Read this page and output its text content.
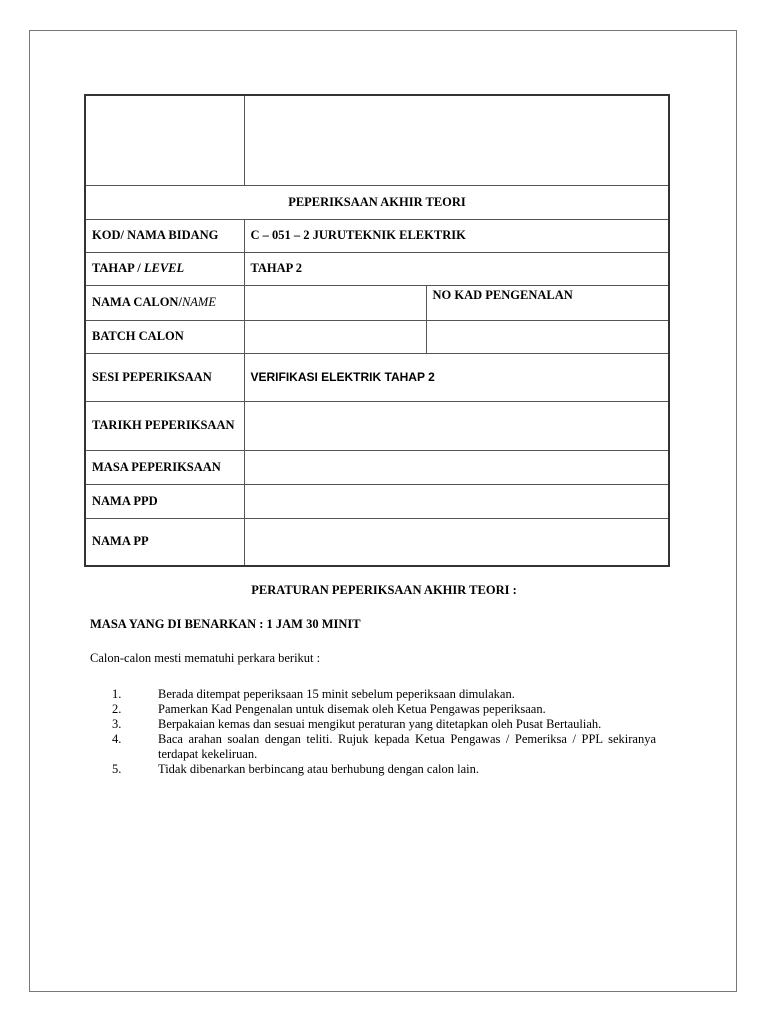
PEPERIKSAAN AKHIR TEORI		
KOD/ NAMA BIDANG	C – 051 – 2 JURUTEKNIK ELEKTRIK	
TAHAP / LEVEL	TAHAP 2	
NAMA CALON/NAME		NO KAD PENGENALAN
BATCH CALON		
SESI PEPERIKSAAN	VERIFIKASI ELEKTRIK TAHAP 2	
TARIKH PEPERIKSAAN		
MASA PEPERIKSAAN		
NAMA PPD		
NAMA PP		
PERATURAN PEPERIKSAAN AKHIR TEORI :
MASA YANG DI BENARKAN : 1 JAM 30 MINIT
Calon-calon mesti mematuhi perkara berikut :
1.	Berada ditempat peperiksaan 15 minit sebelum peperiksaan dimulakan.
2.	Pamerkan Kad Pengenalan untuk disemak oleh Ketua Pengawas peperiksaan.
3.	Berpakaian kemas dan sesuai mengikut peraturan yang ditetapkan oleh Pusat Bertauliah.
4.	Baca arahan soalan dengan teliti. Rujuk kepada Ketua Pengawas / Pemeriksa / PPL sekiranya terdapat kekeliruan.
5.	Tidak dibenarkan berbincang atau berhubung dengan calon lain.
